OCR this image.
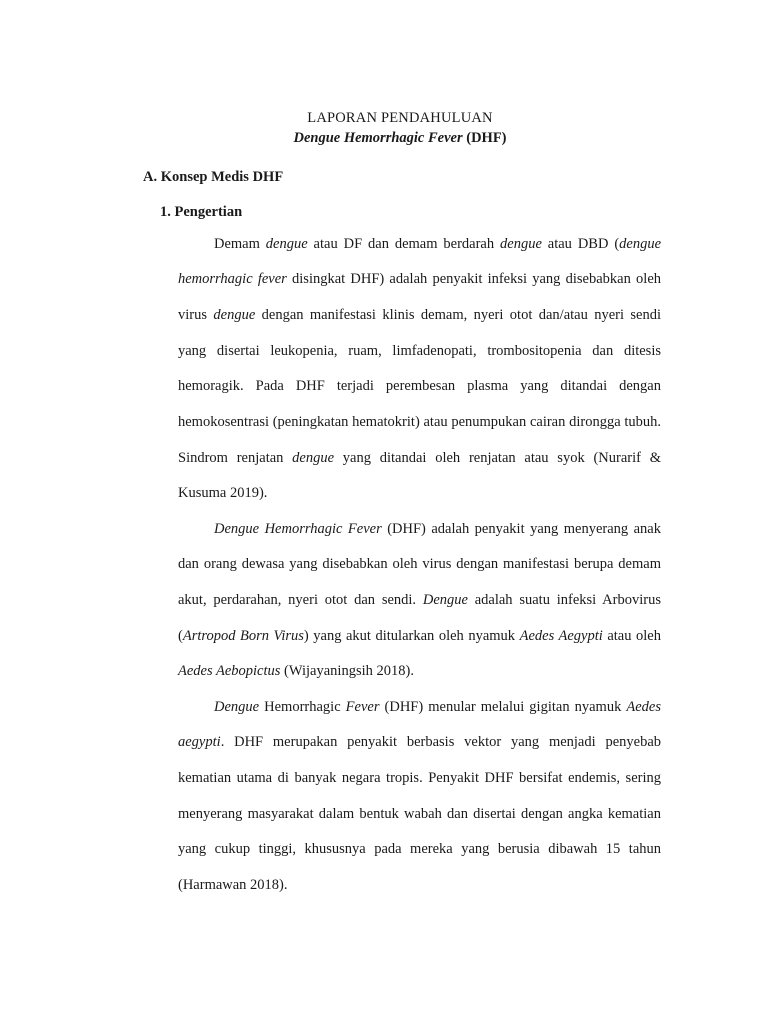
LAPORAN PENDAHULUAN
Dengue Hemorrhagic Fever (DHF)
A. Konsep Medis DHF
1. Pengertian

Demam dengue atau DF dan demam berdarah dengue atau DBD (dengue hemorrhagic fever disingkat DHF) adalah penyakit infeksi yang disebabkan oleh virus dengue dengan manifestasi klinis demam, nyeri otot dan/atau nyeri sendi yang disertai leukopenia, ruam, limfadenopati, trombositopenia dan ditesis hemoragik. Pada DHF terjadi perembesan plasma yang ditandai dengan hemokosentrasi (peningkatan hematokrit) atau penumpukan cairan dirongga tubuh. Sindrom renjatan dengue yang ditandai oleh renjatan atau syok (Nurarif & Kusuma 2019).

Dengue Hemorrhagic Fever (DHF) adalah penyakit yang menyerang anak dan orang dewasa yang disebabkan oleh virus dengan manifestasi berupa demam akut, perdarahan, nyeri otot dan sendi. Dengue adalah suatu infeksi Arbovirus (Artropod Born Virus) yang akut ditularkan oleh nyamuk Aedes Aegypti atau oleh Aedes Aebopictus (Wijayaningsih 2018).

Dengue Hemorrhagic Fever (DHF) menular melalui gigitan nyamuk Aedes aegypti. DHF merupakan penyakit berbasis vektor yang menjadi penyebab kematian utama di banyak negara tropis. Penyakit DHF bersifat endemis, sering menyerang masyarakat dalam bentuk wabah dan disertai dengan angka kematian yang cukup tinggi, khususnya pada mereka yang berusia dibawah 15 tahun (Harmawan 2018).
